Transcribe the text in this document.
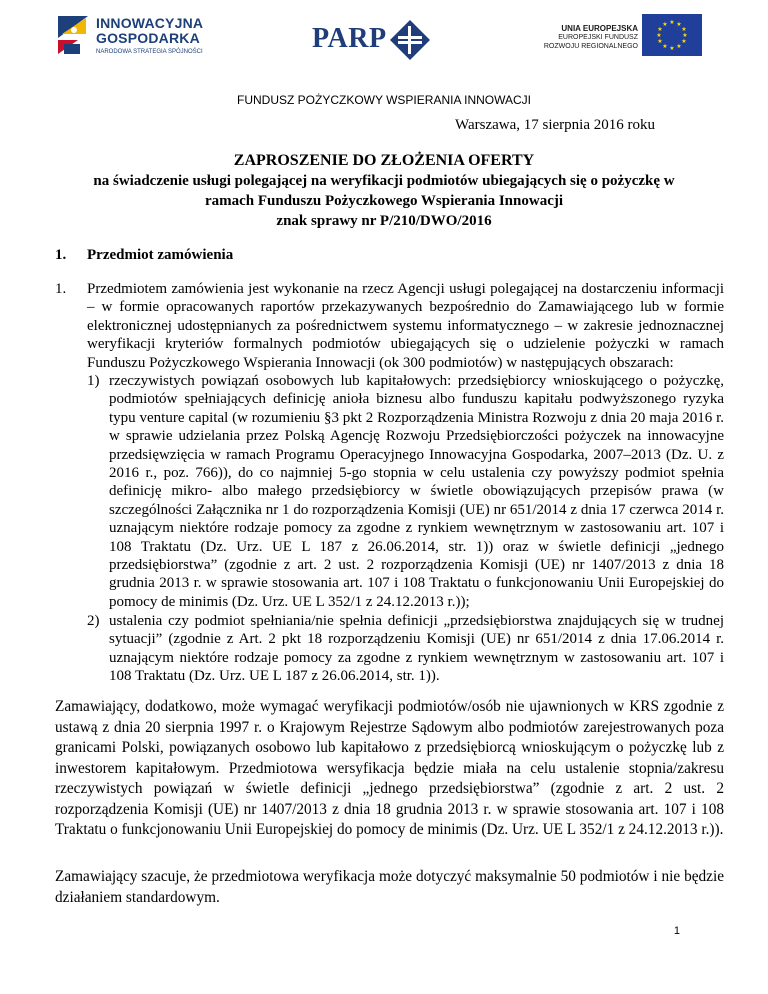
INNOWACYJNA
GOSPODARKA
NARODOWA STRATEGIA SPÓJNOŚCI	PARP	UNIA EUROPEJSKA
EUROPEJSKI FUNDUSZ
ROZWOJU REGIONALNEGO
★ ★
★
★
★
★
★
★
★
★
★
★
FUNDUSZ POŻYCZKOWY WSPIERANIA INNOWACJI
Warszawa, 17 sierpnia 2016 roku
ZAPROSZENIE DO ZŁOŻENIA OFERTY
na świadczenie usługi polegającej na weryfikacji podmiotów ubiegających się o pożyczkę w
ramach Funduszu Pożyczkowego Wspierania Innowacji
znak sprawy nr P/210/DWO/2016
1. Przedmiot zamówienia
1. Przedmiotem zamówienia jest wykonanie na rzecz Agencji usługi polegającej na dostarczeniu informacji – w formie opracowanych raportów przekazywanych bezpośrednio do Zamawiającego lub w formie elektronicznej udostępnianych za pośrednictwem systemu informatycznego – w zakresie jednoznacznej weryfikacji kryteriów formalnych podmiotów ubiegających się o udzielenie pożyczki w ramach Funduszu Pożyczkowego Wspierania Innowacji (ok 300 podmiotów) w następujących obszarach:
1) rzeczywistych powiązań osobowych lub kapitałowych: przedsiębiorcy wnioskującego o pożyczkę, podmiotów spełniających definicję anioła biznesu albo funduszu kapitału podwyższonego ryzyka typu venture capital (w rozumieniu §3 pkt 2 Rozporządzenia Ministra Rozwoju z dnia 20 maja 2016 r. w sprawie udzielania przez Polską Agencję Rozwoju Przedsiębiorczości pożyczek na innowacyjne przedsięwzięcia w ramach Programu Operacyjnego Innowacyjna Gospodarka, 2007–2013 (Dz. U. z 2016 r., poz. 766)), do co najmniej 5-go stopnia w celu ustalenia czy powyższy podmiot spełnia definicję mikro- albo małego przedsiębiorcy w świetle obowiązujących przepisów prawa (w szczególności Załącznika nr 1 do rozporządzenia Komisji (UE) nr 651/2014 z dnia 17 czerwca 2014 r. uznającym niektóre rodzaje pomocy za zgodne z rynkiem wewnętrznym w zastosowaniu art. 107 i 108 Traktatu (Dz. Urz. UE L 187 z 26.06.2014, str. 1)) oraz w świetle definicji „jednego przedsiębiorstwa” (zgodnie z art. 2 ust. 2 rozporządzenia Komisji (UE) nr 1407/2013 z dnia 18 grudnia 2013 r. w sprawie stosowania art. 107 i 108 Traktatu o funkcjonowaniu Unii Europejskiej do pomocy de minimis (Dz. Urz. UE L 352/1 z 24.12.2013 r.));
2) ustalenia czy podmiot spełniania/nie spełnia definicji „przedsiębiorstwa znajdujących się w trudnej sytuacji” (zgodnie z Art. 2 pkt 18 rozporządzeniu Komisji (UE) nr 651/2014 z dnia 17.06.2014 r. uznającym niektóre rodzaje pomocy za zgodne z rynkiem wewnętrznym w zastosowaniu art. 107 i 108 Traktatu (Dz. Urz. UE L 187 z 26.06.2014, str. 1)).
Zamawiający, dodatkowo, może wymagać weryfikacji podmiotów/osób nie ujawnionych w KRS zgodnie z ustawą z dnia 20 sierpnia 1997 r. o Krajowym Rejestrze Sądowym albo podmiotów zarejestrowanych poza granicami Polski, powiązanych osobowo lub kapitałowo z przedsiębiorcą wnioskującym o pożyczkę lub z inwestorem kapitałowym. Przedmiotowa wersyfikacja będzie miała na celu ustalenie stopnia/zakresu rzeczywistych powiązań w świetle definicji „jednego przedsiębiorstwa” (zgodnie z art. 2 ust. 2 rozporządzenia Komisji (UE) nr 1407/2013 z dnia 18 grudnia 2013 r. w sprawie stosowania art. 107 i 108 Traktatu o funkcjonowaniu Unii Europejskiej do pomocy de minimis (Dz. Urz. UE L 352/1 z 24.12.2013 r.)).
Zamawiający szacuje, że przedmiotowa weryfikacja może dotyczyć maksymalnie 50 podmiotów i nie będzie działaniem standardowym.
1
